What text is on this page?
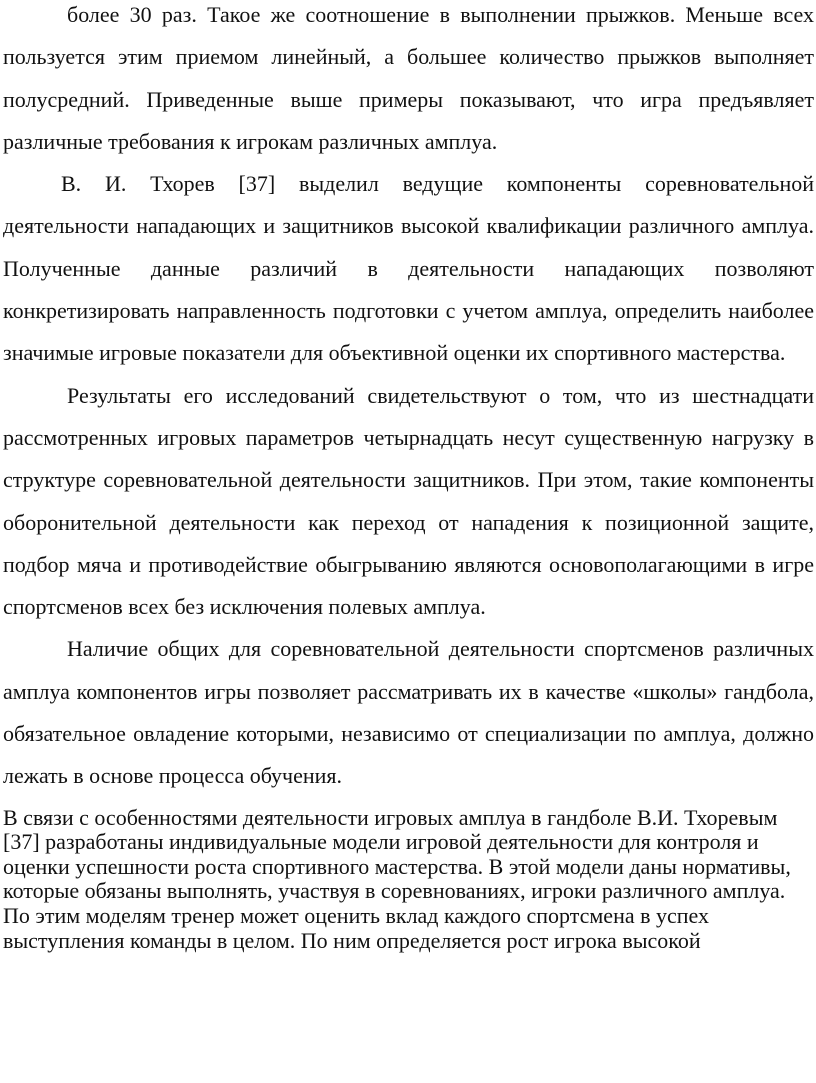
более 30 раз. Такое же соотношение в выполнении прыжков. Меньше всех пользуется этим приемом линейный, а большее количество прыжков выполняет полусредний. Приведенные выше примеры показывают, что игра предъявляет различные требования к игрокам различных амплуа.

В. И. Тхорев [37] выделил ведущие компоненты соревновательной деятельности нападающих и защитников высокой квалификации различного амплуа. Полученные данные различий в деятельности нападающих позволяют конкретизировать направленность подготовки с учетом амплуа, определить наиболее значимые игровые показатели для объективной оценки их спортивного мастерства.

Результаты его исследований свидетельствуют о том, что из шестнадцати рассмотренных игровых параметров четырнадцать несут существенную нагрузку в структуре соревновательной деятельности защитников. При этом, такие компоненты оборонительной деятельности как переход от нападения к позиционной защите, подбор мяча и противодействие обыгрыванию являются основополагающими в игре спортсменов всех без исключения полевых амплуа.

Наличие общих для соревновательной деятельности спортсменов различных амплуа компонентов игры позволяет рассматривать их в качестве «школы» гандбола, обязательное овладение которыми, независимо от специализации по амплуа, должно лежать в основе процесса обучения.

В связи с особенностями деятельности игровых амплуа в гандболе В.И. Тхоревым [37] разработаны индивидуальные модели игровой деятельности для контроля и оценки успешности роста спортивного мастерства. В этой модели даны нормативы, которые обязаны выполнять, участвуя в соревнованиях, игроки различного амплуа. По этим моделям тренер может оценить вклад каждого спортсмена в успех выступления команды в целом. По ним определяется рост игрока высокой
